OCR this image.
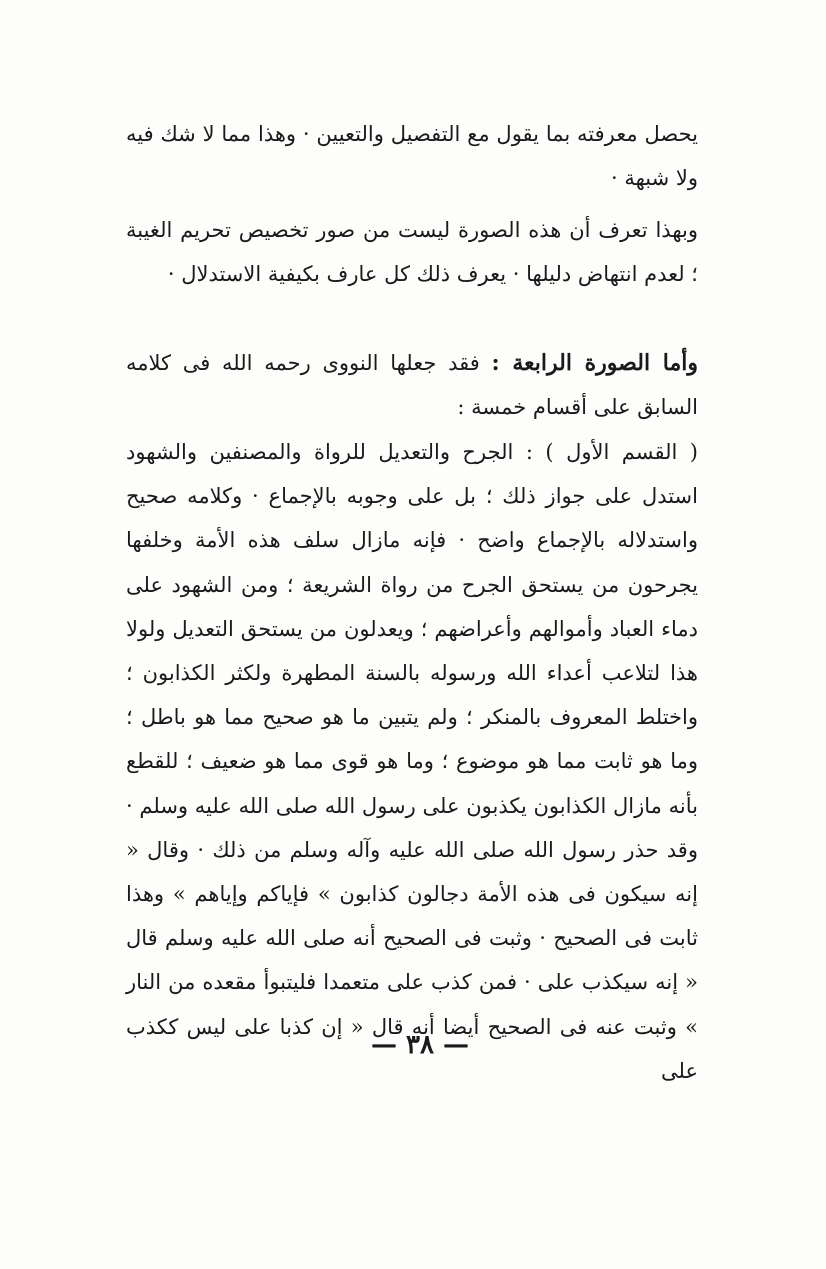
يحصل معرفته بما يقول مع التفصيل والتعيين · وهذا مما لا شك فيه ولا شبهة ·

وبهذا تعرف أن هذه الصورة ليست من صور تخصيص تحريم الغيبة ؛ لعدم انتهاض دليلها · يعرف ذلك كل عارف بكيفية الاستدلال ·

وأما الصورة الرابعة : فقد جعلها النووى رحمه الله فى كلامه السابق على أقسام خمسة :

( القسم الأول ) : الجرح والتعديل للرواة والمصنفين والشهود استدل على جواز ذلك ؛ بل على وجوبه بالإجماع · وكلامه صحيح واستدلاله بالإجماع واضح · فإنه مازال سلف هذه الأمة وخلفها يجرحون من يستحق الجرح من رواة الشريعة ؛ ومن الشهود على دماء العباد وأموالهم وأعراضهم ؛ ويعدلون من يستحق التعديل ولولا هذا لتلاعب أعداء الله ورسوله بالسنة المطهرة ولكثر الكذابون ؛ واختلط المعروف بالمنكر ؛ ولم يتبين ما هو صحيح مما هو باطل ؛ وما هو ثابت مما هو موضوع ؛ وما هو قوى مما هو ضعيف ؛ للقطع بأنه مازال الكذابون يكذبون على رسول الله صلى الله عليه وسلم · وقد حذر رسول الله صلى الله عليه وآله وسلم من ذلك · وقال « إنه سيكون فى هذه الأمة دجالون كذابون » فإياكم وإياهم » وهذا ثابت فى الصحيح · وثبت فى الصحيح أنه صلى الله عليه وسلم قال « إنه سيكذب على · فمن كذب على متعمدا فليتبوأ مقعده من النار » وثبت عنه فى الصحيح أيضا أنه قال « إن كذبا على ليس ككذب على

— ٣٨ —
